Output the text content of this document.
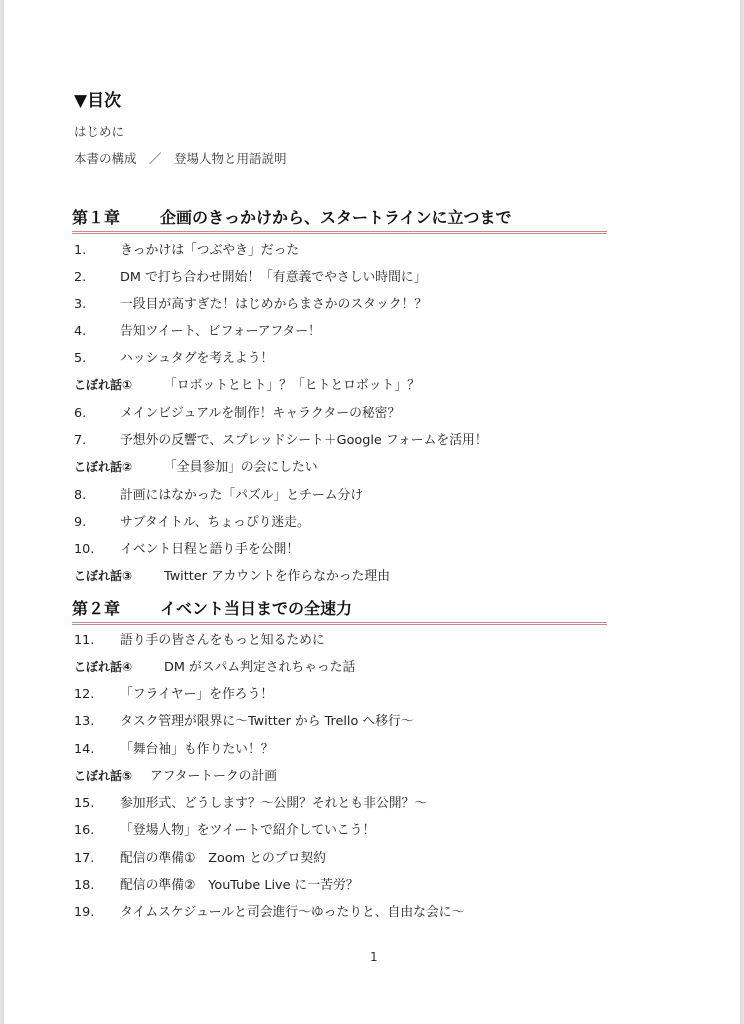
▼目次
はじめに
本書の構成　／　登場人物と用語説明
第１章 企画のきっかけから、スタートラインに立つまで
1.	きっかけは「つぶやき」だった
2.	DM で打ち合わせ開始！「有意義でやさしい時間に」
3.	一段目が高すぎた！はじめからまさかのスタック！？
4.	告知ツイート、ビフォーアフター！
5.	ハッシュタグを考えよう！
こぼれ話① 「ロボットとヒト」？「ヒトとロボット」？
6.	メインビジュアルを制作！キャラクターの秘密？
7.	予想外の反響で、スプレッドシート＋Google フォームを活用！
こぼれ話② 「全員参加」の会にしたい
8.	計画にはなかった「パズル」とチーム分け
9.	サブタイトル、ちょっぴり迷走。
10. イベント日程と語り手を公開！
こぼれ話③ Twitter アカウントを作らなかった理由
第２章 イベント当日までの全速力
11. 語り手の皆さんをもっと知るために
こぼれ話④ DM がスパム判定されちゃった話
12. 「フライヤー」を作ろう！
13. タスク管理が限界に～Twitter から Trello へ移行～
14. 「舞台袖」も作りたい！？
こぼれ話⑤ アフタートークの計画
15. 参加形式、どうします？～公開？それとも非公開？～
16. 「登場人物」をツイートで紹介していこう！
17. 配信の準備①　Zoom とのプロ契約
18. 配信の準備②　YouTube Live に一苦労？
19. タイムスケジュールと司会進行～ゆったりと、自由な会に～
1
